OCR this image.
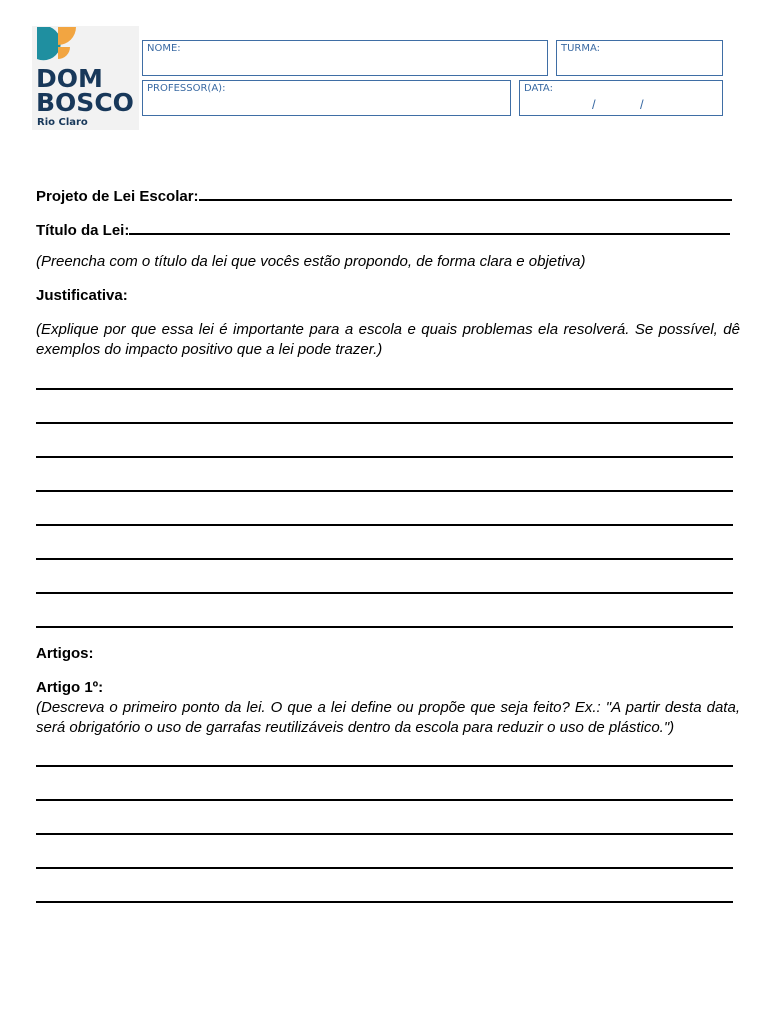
DOM
BOSCO
Rio Claro
NOME:	TURMA:
PROFESSOR(A):	DATA:
/	/
Projeto de Lei Escolar:
Título da Lei:
(Preencha com o título da lei que vocês estão propondo, de forma clara e objetiva)
Justificativa:
(Explique por que essa lei é importante para a escola e quais problemas ela resolverá. Se possível, dê exemplos do impacto positivo que a lei pode trazer.)
Artigos:
Artigo 1º:
(Descreva o primeiro ponto da lei. O que a lei define ou propõe que seja feito? Ex.: "A partir desta data, será obrigatório o uso de garrafas reutilizáveis dentro da escola para reduzir o uso de plástico.")
